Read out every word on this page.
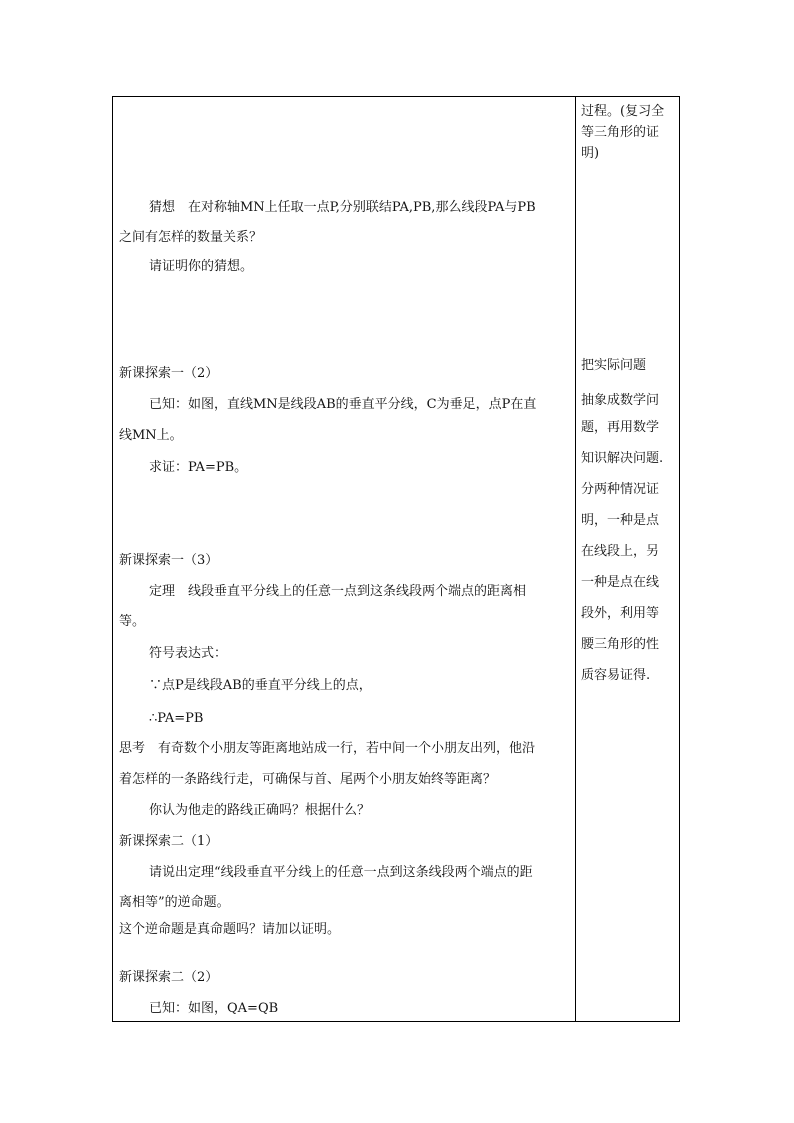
猜想　在对称轴MN上任取一点P,分别联结PA,PB,那么线段PA与PB
之间有怎样的数量关系？
请证明你的猜想。
新课探索一（2）
已知：如图，直线MN是线段AB的垂直平分线，C为垂足，点P在直
线MN上。
求证：PA=PB。
新课探索一（3）
定理　线段垂直平分线上的任意一点到这条线段两个端点的距离相
等。
符号表达式：
∵点P是线段AB的垂直平分线上的点，
∴PA=PB
思考　有奇数个小朋友等距离地站成一行，若中间一个小朋友出列，他沿
着怎样的一条路线行走，可确保与首、尾两个小朋友始终等距离？
你认为他走的路线正确吗？根据什么？
新课探索二（1）
请说出定理“线段垂直平分线上的任意一点到这条线段两个端点的距
离相等”的逆命题。
这个逆命题是真命题吗？请加以证明。
新课探索二（2）
已知：如图，QA=QB
过程。(复习全
等三角形的证
明)
把实际问题
抽象成数学问
题，再用数学
知识解决问题.
分两种情况证
明，一种是点
在线段上，另
一种是点在线
段外，利用等
腰三角形的性
质容易证得.
